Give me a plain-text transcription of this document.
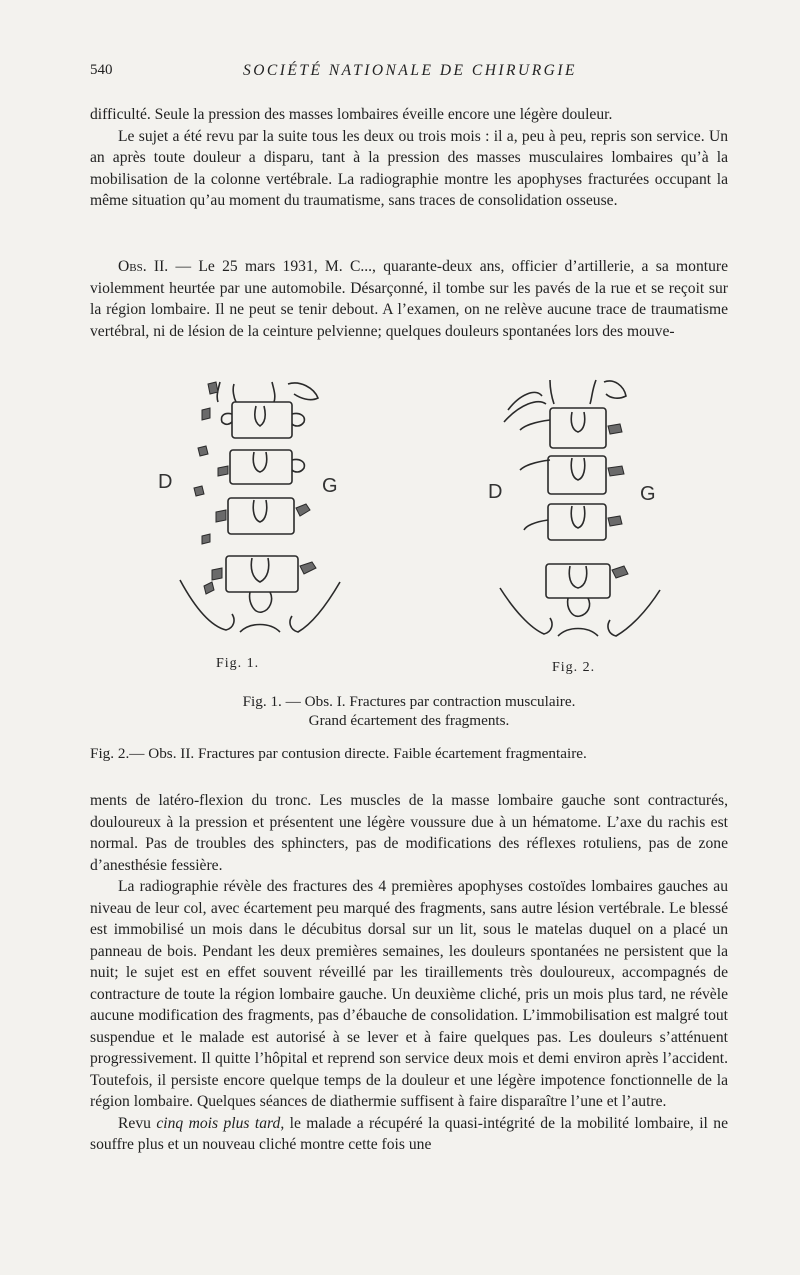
540	SOCIÉTÉ NATIONALE DE CHIRURGIE

difficulté. Seule la pression des masses lombaires éveille encore une légère douleur.

Le sujet a été revu par la suite tous les deux ou trois mois : il a, peu à peu, repris son service. Un an après toute douleur a disparu, tant à la pression des masses musculaires lombaires qu’à la mobilisation de la colonne vertébrale. La radiographie montre les apophyses fracturées occupant la même situation qu’au moment du traumatisme, sans traces de consolidation osseuse.

Obs. II. — Le 25 mars 1931, M. C..., quarante-deux ans, officier d’artillerie, a sa monture violemment heurtée par une automobile. Désarçonné, il tombe sur les pavés de la rue et se reçoit sur la région lombaire. Il ne peut se tenir debout. A l’examen, on ne relève aucune trace de traumatisme vertébral, ni de lésion de la ceinture pelvienne; quelques douleurs spontanées lors des mouve-

D	G	D	G
Fig. 1.	Fig. 2.
Fig. 1. — Obs. I. Fractures par contraction musculaire.
Grand écartement des fragments.
Fig. 2.— Obs. II. Fractures par contusion directe. Faible écartement fragmentaire.

ments de latéro-flexion du tronc. Les muscles de la masse lombaire gauche sont contracturés, douloureux à la pression et présentent une légère voussure due à un hématome. L’axe du rachis est normal. Pas de troubles des sphincters, pas de modifications des réflexes rotuliens, pas de zone d’anesthésie fessière.

La radiographie révèle des fractures des 4 premières apophyses costoïdes lombaires gauches au niveau de leur col, avec écartement peu marqué des fragments, sans autre lésion vertébrale. Le blessé est immobilisé un mois dans le décubitus dorsal sur un lit, sous le matelas duquel on a placé un panneau de bois. Pendant les deux premières semaines, les douleurs spontanées ne persistent que la nuit; le sujet est en effet souvent réveillé par les tiraillements très douloureux, accompagnés de contracture de toute la région lombaire gauche. Un deuxième cliché, pris un mois plus tard, ne révèle aucune modification des fragments, pas d’ébauche de consolidation. L’immobilisation est malgré tout suspendue et le malade est autorisé à se lever et à faire quelques pas. Les douleurs s’atténuent progressivement. Il quitte l’hôpital et reprend son service deux mois et demi environ après l’accident. Toutefois, il persiste encore quelque temps de la douleur et une légère impotence fonctionnelle de la région lombaire. Quelques séances de diathermie suffisent à faire disparaître l’une et l’autre.

Revu cinq mois plus tard, le malade a récupéré la quasi-intégrité de la mobilité lombaire, il ne souffre plus et un nouveau cliché montre cette fois une
